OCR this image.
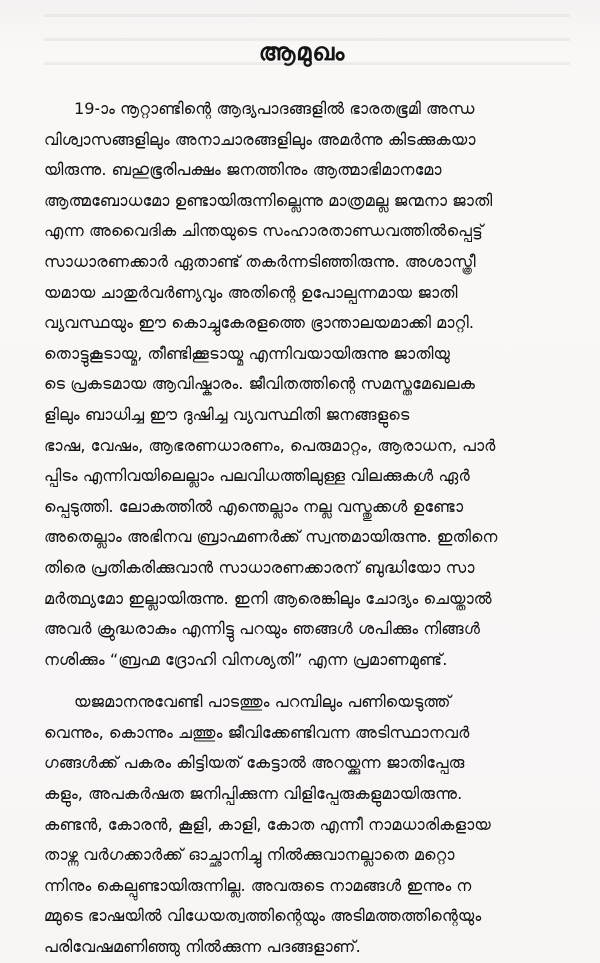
ആമുഖം
19-ാം നൂറ്റാണ്ടിന്റെ ആദ്യപാദങ്ങളിൽ ഭാരതഭൂമി അന്ധ
വിശ്വാസങ്ങളിലും അനാചാരങ്ങളിലും അമർന്നു കിടക്കുകയാ
യിരുന്നു. ബഹുഭൂരിപക്ഷം ജനത്തിനും ആത്മാഭിമാനമോ
ആത്മബോധമോ ഉണ്ടായിരുന്നില്ലെന്നു മാത്രമല്ല ജന്മനാ ജാതി
എന്ന അവൈദിക ചിന്തയുടെ സംഹാരതാണ്ഡവത്തിൽപ്പെട്ട്
സാധാരണക്കാർ ഏതാണ്ട് തകർന്നടിഞ്ഞിരുന്നു. അശാസ്ത്രീ
യമായ ചാതുർവർണ്യവും അതിന്റെ ഉപോല്പന്നമായ ജാതി
വ്യവസ്ഥയും ഈ കൊച്ചുകേരളത്തെ ഭ്രാന്താലയമാക്കി മാറ്റി.
തൊട്ടുകൂടായ്മ, തീണ്ടിക്കൂടായ്മ എന്നിവയായിരുന്നു ജാതിയു
ടെ പ്രകടമായ ആവിഷ്കാരം. ജീവിതത്തിന്റെ സമസ്തമേഖലക
ളിലും ബാധിച്ച ഈ ദുഷിച്ച വ്യവസ്ഥിതി ജനങ്ങളുടെ
ഭാഷ, വേഷം, ആഭരണധാരണം, പെരുമാറ്റം, ആരാധന, പാർ
പ്പിടം എന്നിവയിലെല്ലാം പലവിധത്തിലുള്ള വിലക്കുകൾ ഏർ
പ്പെടുത്തി. ലോകത്തിൽ എന്തെല്ലാം നല്ല വസ്തുക്കൾ ഉണ്ടോ
അതെല്ലാം അഭിനവ ബ്രാഹ്മണർക്ക് സ്വന്തമായിരുന്നു. ഇതിനെ
തിരെ പ്രതികരിക്കുവാൻ സാധാരണക്കാരന് ബുദ്ധിയോ സാ
മർത്ഥ്യമോ ഇല്ലായിരുന്നു. ഇനി ആരെങ്കിലും ചോദ്യം ചെയ്താൽ
അവർ ക്രുദ്ധരാകും എന്നിട്ടു പറയും ഞങ്ങൾ ശപിക്കും നിങ്ങൾ
നശിക്കും “ബ്രഹ്മ ദ്രോഹി വിനശ്യതി” എന്ന പ്രമാണമുണ്ട്.
യജമാനനുവേണ്ടി പാടത്തും പറമ്പിലും പണിയെടുത്ത്
വെന്നും, കൊന്നും ചത്തും ജീവിക്കേണ്ടിവന്ന അടിസ്ഥാനവർ
ഗങ്ങൾക്ക് പകരം കിട്ടിയത് കേട്ടാൽ അറയ്ക്കുന്ന ജാതിപ്പേരു
കളും, അപകർഷത ജനിപ്പിക്കുന്ന വിളിപ്പേരുകളുമായിരുന്നു.
കണ്ടൻ, കോരൻ, കൂളി, കാളി, കോത എന്നീ നാമധാരികളായ
താഴ്ന്ന വർഗക്കാർക്ക് ഓച്ഛാനിച്ചു നിൽക്കുവാനല്ലാതെ മറ്റൊ
ന്നിനും കെല്പുണ്ടായിരുന്നില്ല. അവരുടെ നാമങ്ങൾ ഇന്നും ന
മ്മുടെ ഭാഷയിൽ വിധേയത്വത്തിന്റെയും അടിമത്തത്തിന്റെയും
പരിവേഷമണിഞ്ഞു നിൽക്കുന്ന പദങ്ങളാണ്.
